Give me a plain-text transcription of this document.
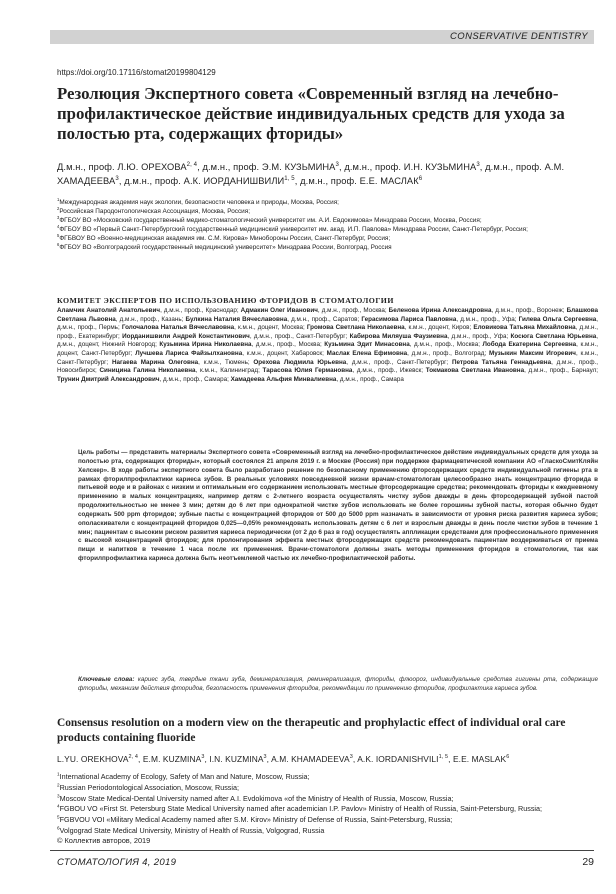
CONSERVATIVE DENTISTRY
https://doi.org/10.17116/stomat20199804129
Резолюция Экспертного совета «Современный взгляд на лечебно-профилактическое действие индивидуальных средств для ухода за полостью рта, содержащих фториды»

Д.м.н., проф. Л.Ю. ОРЕХОВА$^{2, 4}$, д.м.н., проф. Э.М. КУЗЬМИНА$^3$, д.м.н., проф. И.Н. КУЗЬМИНА$^3$, д.м.н., проф. А.М. ХАМАДЕЕВА$^3$, д.м.н., проф. А.К. ИОРДАНИШВИЛИ$^{1, 5}$, д.м.н., проф. Е.Е. МАСЛАК$^6$

$^1$Международная академия наук экологии, безопасности человека и природы, Москва, Россия;
$^2$Российская Пародонтологическая Ассоциация, Москва, Россия;
$^3$ФГБОУ ВО «Московский государственный медико-стоматологический университет им. А.И. Евдокимова» Минздрава России, Москва, Россия;
$^4$ФГБОУ ВО «Первый Санкт-Петербургский государственный медицинский университет им. акад. И.П. Павлова» Минздрава России, Санкт-Петербург, Россия;
$^5$ФГБВОУ ВО «Военно-медицинская академия им. С.М. Кирова» Минобороны России, Санкт-Петербург, Россия;
$^6$ФГБОУ ВО «Волгоградский государственный медицинский университет» Минздрава России, Волгоград, Россия
КОМИТЕТ ЭКСПЕРТОВ ПО ИСПОЛЬЗОВАНИЮ ФТОРИДОВ В СТОМАТОЛОГИИ

Аламчик Анатолий Анатольевич, д.м.н., проф., Краснодар; Адмакин Олег Иванович, д.м.н., проф., Москва; Беленова Ирина Александровна, д.м.н., проф., Воронеж; Блашкова Светлана Львовна, д.м.н., проф., Казань; Булкина Наталия Вячеславовна, д.м.н., проф., Саратов; Герасимова Лариса Павловна, д.м.н., проф., Уфа; Гилева Ольга Сергеевна, д.м.н., проф., Пермь; Голочалова Наталья Вячеславовна, к.м.н., доцент, Москва; Громова Светлана Николаевна, к.м.н., доцент, Киров; Еловикова Татьяна Михайловна, д.м.н., проф., Екатеринбург; Иорданишвили Андрей Константинович, д.м.н., проф., Санкт-Петербург; Кабирова Миляуша Фаузиевна, д.м.н., проф., Уфа; Косюга Светлана Юрьевна, д.м.н., доцент, Нижний Новгород; Кузьмина Ирина Николаевна, д.м.н., проф., Москва; Кузьмина Эдит Минасовна, д.м.н., проф., Москва; Лобода Екатерина Сергеевна, к.м.н., доцент, Санкт-Петербург; Лучшева Лариса Файзылхановна, к.м.н., доцент, Хабаровск; Маслак Елена Ефимовна, д.м.н., проф., Волгоград; Музыкин Максим Игоревич, к.м.н., Санкт-Петербург; Нагаева Марина Олеговна, к.м.н., Тюмень; Орехова Людмила Юрьевна, д.м.н., проф., Санкт-Петербург; Петрова Татьяна Геннадьевна, д.м.н., проф., Новосибирск; Синицина Галина Николаевна, к.м.н., Калининград; Тарасова Юлия Германовна, д.м.н., проф., Ижевск; Токмакова Светлана Ивановна, д.м.н., проф., Барнаул; Трунин Дмитрий Александрович, д.м.н., проф., Самара; Хамадеева Альфия Минвалиевна, д.м.н., проф., Самара

Цель работы — представить материалы Экспертного совета «Современный взгляд на лечебно-профилактическое действие индивидуальных средств для ухода за полостью рта, содержащих фториды», который состоялся 21 апреля 2019 г. в Москве (Россия) при поддержке фармацевтической компании АО «ГласкоСмитКляйн Хелскер». В ходе работы экспертного совета было разработано решение по безопасному применению фторсодержащих средств индивидуальной гигиены рта в рамках фторилпрофилактики кариеса зубов. В реальных условиях повседневной жизни врачам-стоматологам целесообразно знать концентрацию фторида в питьевой воде и в районах с низким и оптимальным его содержанием использовать местные фторсодержащие средства; рекомендовать фториды к ежедневному применению в малых концентрациях, например детям с 2-летнего возраста осуществлять чистку зубов дважды в день фторсодержащей зубной пастой продолжительностью не менее 3 мин; детям до 6 лет при однократной чистке зубов использовать не более горошины зубной пасты, которая обычно будет содержать 500 ppm фторидов; зубные пасты с концентрацией фторидов от 500 до 5000 ppm назначать в зависимости от уровня риска развития кариеса зубов; ополаскиватели с концентрацией фторидов 0,025—0,05% рекомендовать использовать детям с 6 лет и взрослым дважды в день после чистки зубов в течение 1 мин; пациентам с высоким риском развития кариеса периодически (от 2 до 6 раз в год) осуществлять аппликации средствами для профессионального применения с высокой концентрацией фторидов; для пролонгирования эффекта местных фторсодержащих средств рекомендовать пациентам воздерживаться от приема пищи и напитков в течение 1 часа после их применения. Врачи-стоматологи должны знать методы применения фторидов в стоматологии, так как фторилпрофилактика кариеса должна быть неотъемлемой частью их лечебно-профилактической работы.

Ключевые слова: кариес зуба, твердые ткани зуба, деминерализация, реминерализация, фториды, флюороз, индивидуальные средства гигиены рта, содержащие фториды, механизм действия фторидов, безопасность применения фторидов, рекомендации по применению фторидов, профилактика кариеса зубов.

Consensus resolution on a modern view on the therapeutic and prophylactic effect of individual oral care products containing fluoride

L.YU. OREKHOVA$^{2, 4}$, E.M. KUZMINA$^3$, I.N. KUZMINA$^3$, A.M. KHAMADEEVA$^3$, A.K. IORDANISHVILI$^{1, 5}$, E.E. MASLAK$^6$

$^1$International Academy of Ecology, Safety of Man and Nature, Moscow, Russia;
$^2$Russian Periodontological Association, Moscow, Russia;
$^3$Moscow State Medical-Dental University named after A.I. Evdokimova «of the Ministry of Health of Russia, Moscow, Russia;
$^4$FGBOU VO «First St. Petersburg State Medical University named after academician I.P. Pavlov» Ministry of Health of Russia, Saint-Petersburg, Russia;
$^5$FGBVOU VOI «Military Medical Academy named after S.M. Kirov» Ministry of Defense of Russia, Saint-Petersburg, Russia;
$^6$Volgograd State Medical University, Ministry of Health of Russia, Volgograd, Russia
© Коллектив авторов, 2019
СТОМАТОЛОГИЯ 4, 2019	29
